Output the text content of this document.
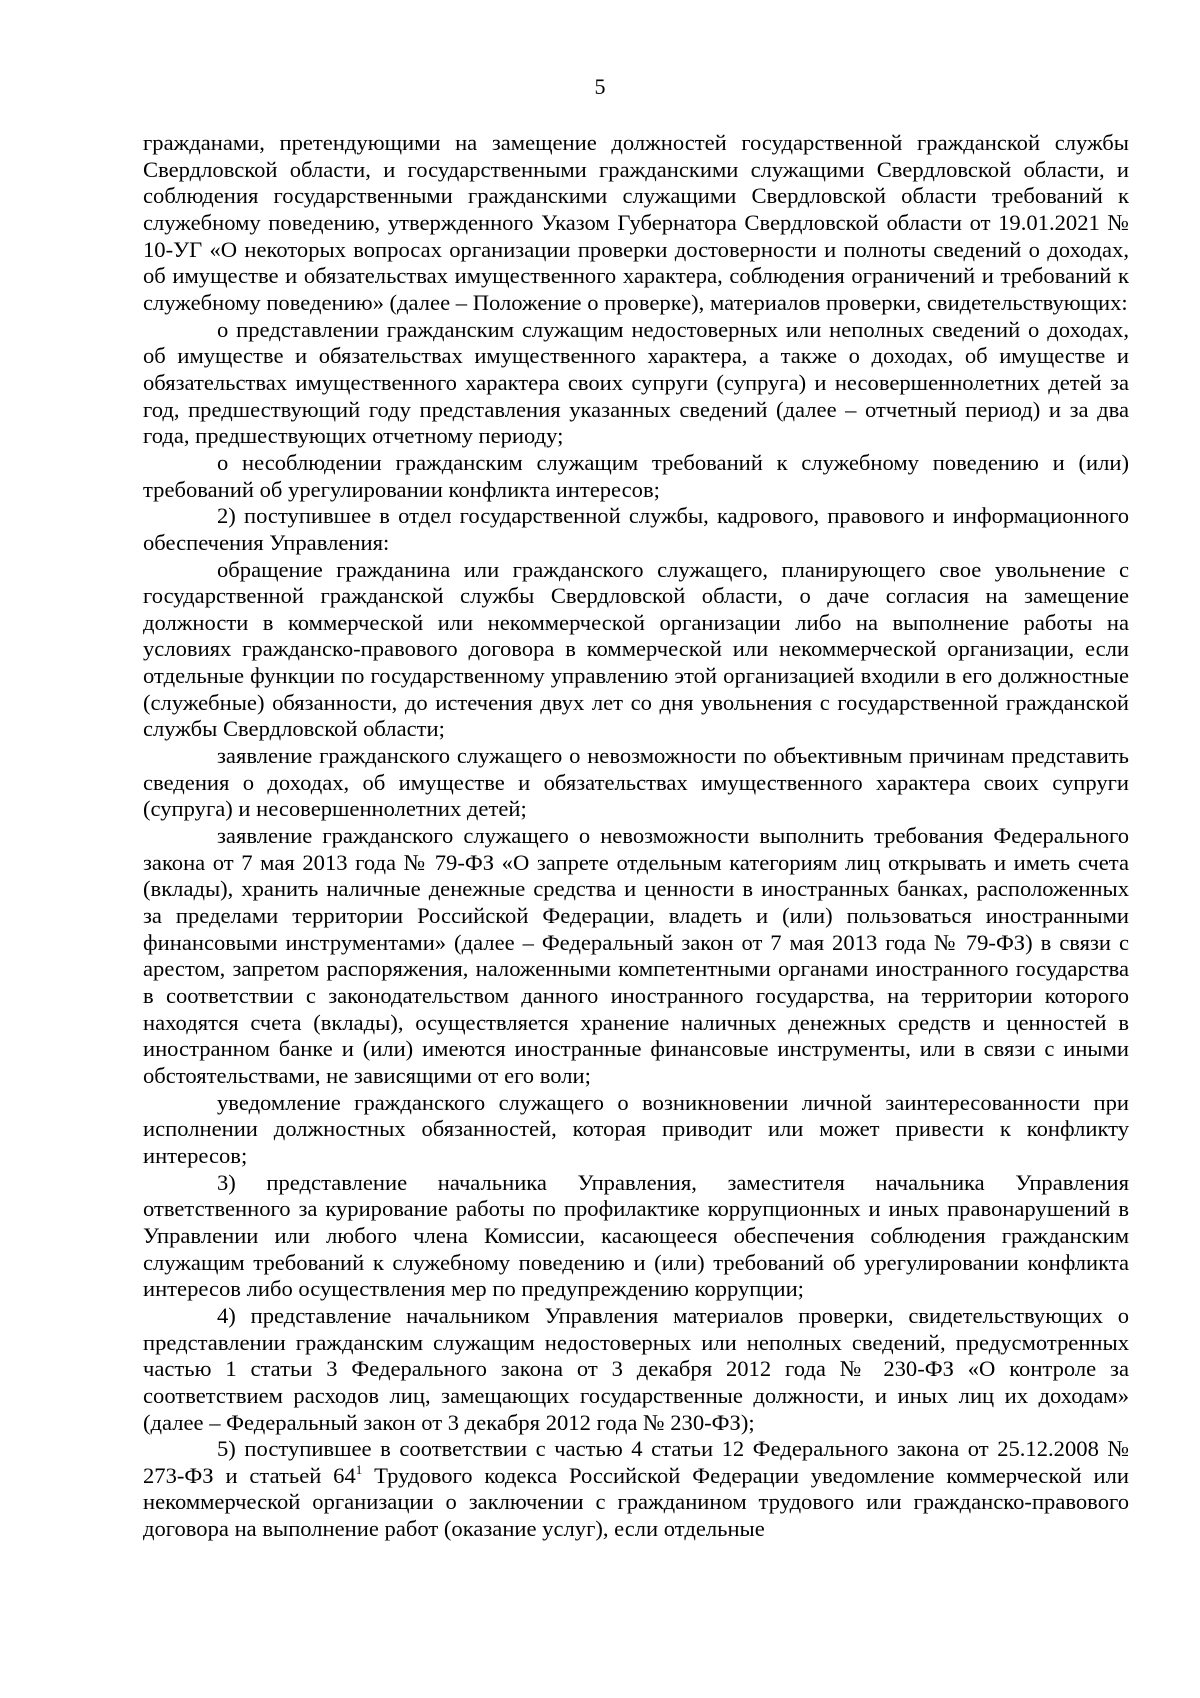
5

гражданами, претендующими на замещение должностей государственной гражданской службы Свердловской области, и государственными гражданскими служащими Свердловской области, и соблюдения государственными гражданскими служащими Свердловской области требований к служебному поведению, утвержденного Указом Губернатора Свердловской области от 19.01.2021 № 10-УГ «О некоторых вопросах организации проверки достоверности и полноты сведений о доходах, об имуществе и обязательствах имущественного характера, соблюдения ограничений и требований к служебному поведению» (далее – Положение о проверке), материалов проверки, свидетельствующих:

о представлении гражданским служащим недостоверных или неполных сведений о доходах, об имуществе и обязательствах имущественного характера, а также о доходах, об имуществе и обязательствах имущественного характера своих супруги (супруга) и несовершеннолетних детей за год, предшествующий году представления указанных сведений (далее – отчетный период) и за два года, предшествующих отчетному периоду;

о несоблюдении гражданским служащим требований к служебному поведению и (или) требований об урегулировании конфликта интересов;

2) поступившее в отдел государственной службы, кадрового, правового и информационного обеспечения Управления:

обращение гражданина или гражданского служащего, планирующего свое увольнение с государственной гражданской службы Свердловской области, о даче согласия на замещение должности в коммерческой или некоммерческой организации либо на выполнение работы на условиях гражданско-правового договора в коммерческой или некоммерческой организации, если отдельные функции по государственному управлению этой организацией входили в его должностные (служебные) обязанности, до истечения двух лет со дня увольнения с государственной гражданской службы Свердловской области;

заявление гражданского служащего о невозможности по объективным причинам представить сведения о доходах, об имуществе и обязательствах имущественного характера своих супруги (супруга) и несовершеннолетних детей;

заявление гражданского служащего о невозможности выполнить требования Федерального закона от 7 мая 2013 года № 79-ФЗ «О запрете отдельным категориям лиц открывать и иметь счета (вклады), хранить наличные денежные средства и ценности в иностранных банках, расположенных за пределами территории Российской Федерации, владеть и (или) пользоваться иностранными финансовыми инструментами» (далее – Федеральный закон от 7 мая 2013 года № 79-ФЗ) в связи с арестом, запретом распоряжения, наложенными компетентными органами иностранного государства в соответствии с законодательством данного иностранного государства, на территории которого находятся счета (вклады), осуществляется хранение наличных денежных средств и ценностей в иностранном банке и (или) имеются иностранные финансовые инструменты, или в связи с иными обстоятельствами, не зависящими от его воли;

уведомление гражданского служащего о возникновении личной заинтересованности при исполнении должностных обязанностей, которая приводит или может привести к конфликту интересов;

3) представление начальника Управления, заместителя начальника Управления ответственного за курирование работы по профилактике коррупционных и иных правонарушений в Управлении или любого члена Комиссии, касающееся обеспечения соблюдения гражданским служащим требований к служебному поведению и (или) требований об урегулировании конфликта интересов либо осуществления мер по предупреждению коррупции;

4) представление начальником Управления материалов проверки, свидетельствующих о представлении гражданским служащим недостоверных или неполных сведений, предусмотренных частью 1 статьи 3 Федерального закона от 3 декабря 2012 года № 230-ФЗ «О контроле за соответствием расходов лиц, замещающих государственные должности, и иных лиц их доходам» (далее – Федеральный закон от 3 декабря 2012 года № 230-ФЗ);

5) поступившее в соответствии с частью 4 статьи 12 Федерального закона от 25.12.2008 № 273-ФЗ и статьей $64^1$ Трудового кодекса Российской Федерации уведомление коммерческой или некоммерческой организации о заключении с гражданином трудового или гражданско-правового договора на выполнение работ (оказание услуг), если отдельные
